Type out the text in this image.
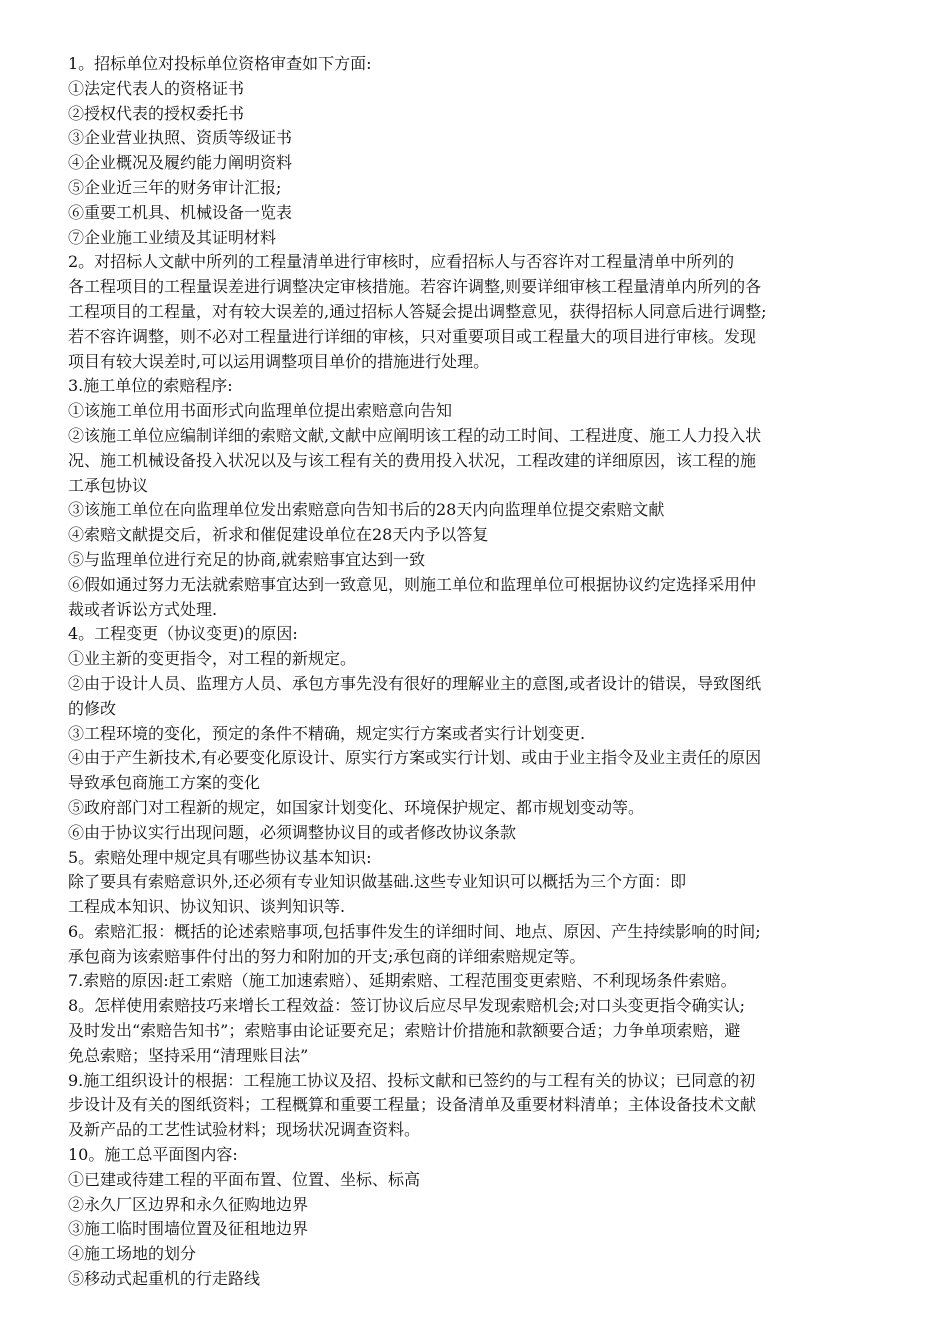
1。招标单位对投标单位资格审查如下方面:
①法定代表人的资格证书
②授权代表的授权委托书
③企业营业执照、资质等级证书
④企业概况及履约能力阐明资料
⑤企业近三年的财务审计汇报;
⑥重要工机具、机械设备一览表
⑦企业施工业绩及其证明材料
2。对招标人文献中所列的工程量清单进行审核时，应看招标人与否容许对工程量清单中所列的
各工程项目的工程量误差进行调整决定审核措施。若容许调整,则要详细审核工程量清单内所列的各
工程项目的工程量，对有较大误差的,通过招标人答疑会提出调整意见，获得招标人同意后进行调整;
若不容许调整，则不必对工程量进行详细的审核，只对重要项目或工程量大的项目进行审核。发现
项目有较大误差时,可以运用调整项目单价的措施进行处理。
3.施工单位的索赔程序:
①该施工单位用书面形式向监理单位提出索赔意向告知
②该施工单位应编制详细的索赔文献,文献中应阐明该工程的动工时间、工程进度、施工人力投入状
况、施工机械设备投入状况以及与该工程有关的费用投入状况，工程改建的详细原因，该工程的施
工承包协议
③该施工单位在向监理单位发出索赔意向告知书后的28天内向监理单位提交索赔文献
④索赔文献提交后，祈求和催促建设单位在28天内予以答复
⑤与监理单位进行充足的协商,就索赔事宜达到一致
⑥假如通过努力无法就索赔事宜达到一致意见，则施工单位和监理单位可根据协议约定选择采用仲
裁或者诉讼方式处理.
4。工程变更（协议变更)的原因:
①业主新的变更指令，对工程的新规定。
②由于设计人员、监理方人员、承包方事先没有很好的理解业主的意图,或者设计的错误，导致图纸
的修改
③工程环境的变化，预定的条件不精确，规定实行方案或者实行计划变更.
④由于产生新技术,有必要变化原设计、原实行方案或实行计划、或由于业主指令及业主责任的原因
导致承包商施工方案的变化
⑤政府部门对工程新的规定，如国家计划变化、环境保护规定、都市规划变动等。
⑥由于协议实行出现问题，必须调整协议目的或者修改协议条款
5。索赔处理中规定具有哪些协议基本知识:
除了要具有索赔意识外,还必须有专业知识做基础.这些专业知识可以概括为三个方面：即
工程成本知识、协议知识、谈判知识等.
6。索赔汇报：概括的论述索赔事项,包括事件发生的详细时间、地点、原因、产生持续影响的时间;
承包商为该索赔事件付出的努力和附加的开支;承包商的详细索赔规定等。
7.索赔的原因:赶工索赔（施工加速索赔）、延期索赔、工程范围变更索赔、不利现场条件索赔。
8。怎样使用索赔技巧来增长工程效益：签订协议后应尽早发现索赔机会;对口头变更指令确实认;
及时发出“索赔告知书”；索赔事由论证要充足；索赔计价措施和款额要合适；力争单项索赔，避
免总索赔；坚持采用“清理账目法”
9.施工组织设计的根据：工程施工协议及招、投标文献和已签约的与工程有关的协议；已同意的初
步设计及有关的图纸资料；工程概算和重要工程量；设备清单及重要材料清单；主体设备技术文献
及新产品的工艺性试验材料；现场状况调查资料。
10。施工总平面图内容:
①已建或待建工程的平面布置、位置、坐标、标高
②永久厂区边界和永久征购地边界
③施工临时围墙位置及征租地边界
④施工场地的划分
⑤移动式起重机的行走路线
